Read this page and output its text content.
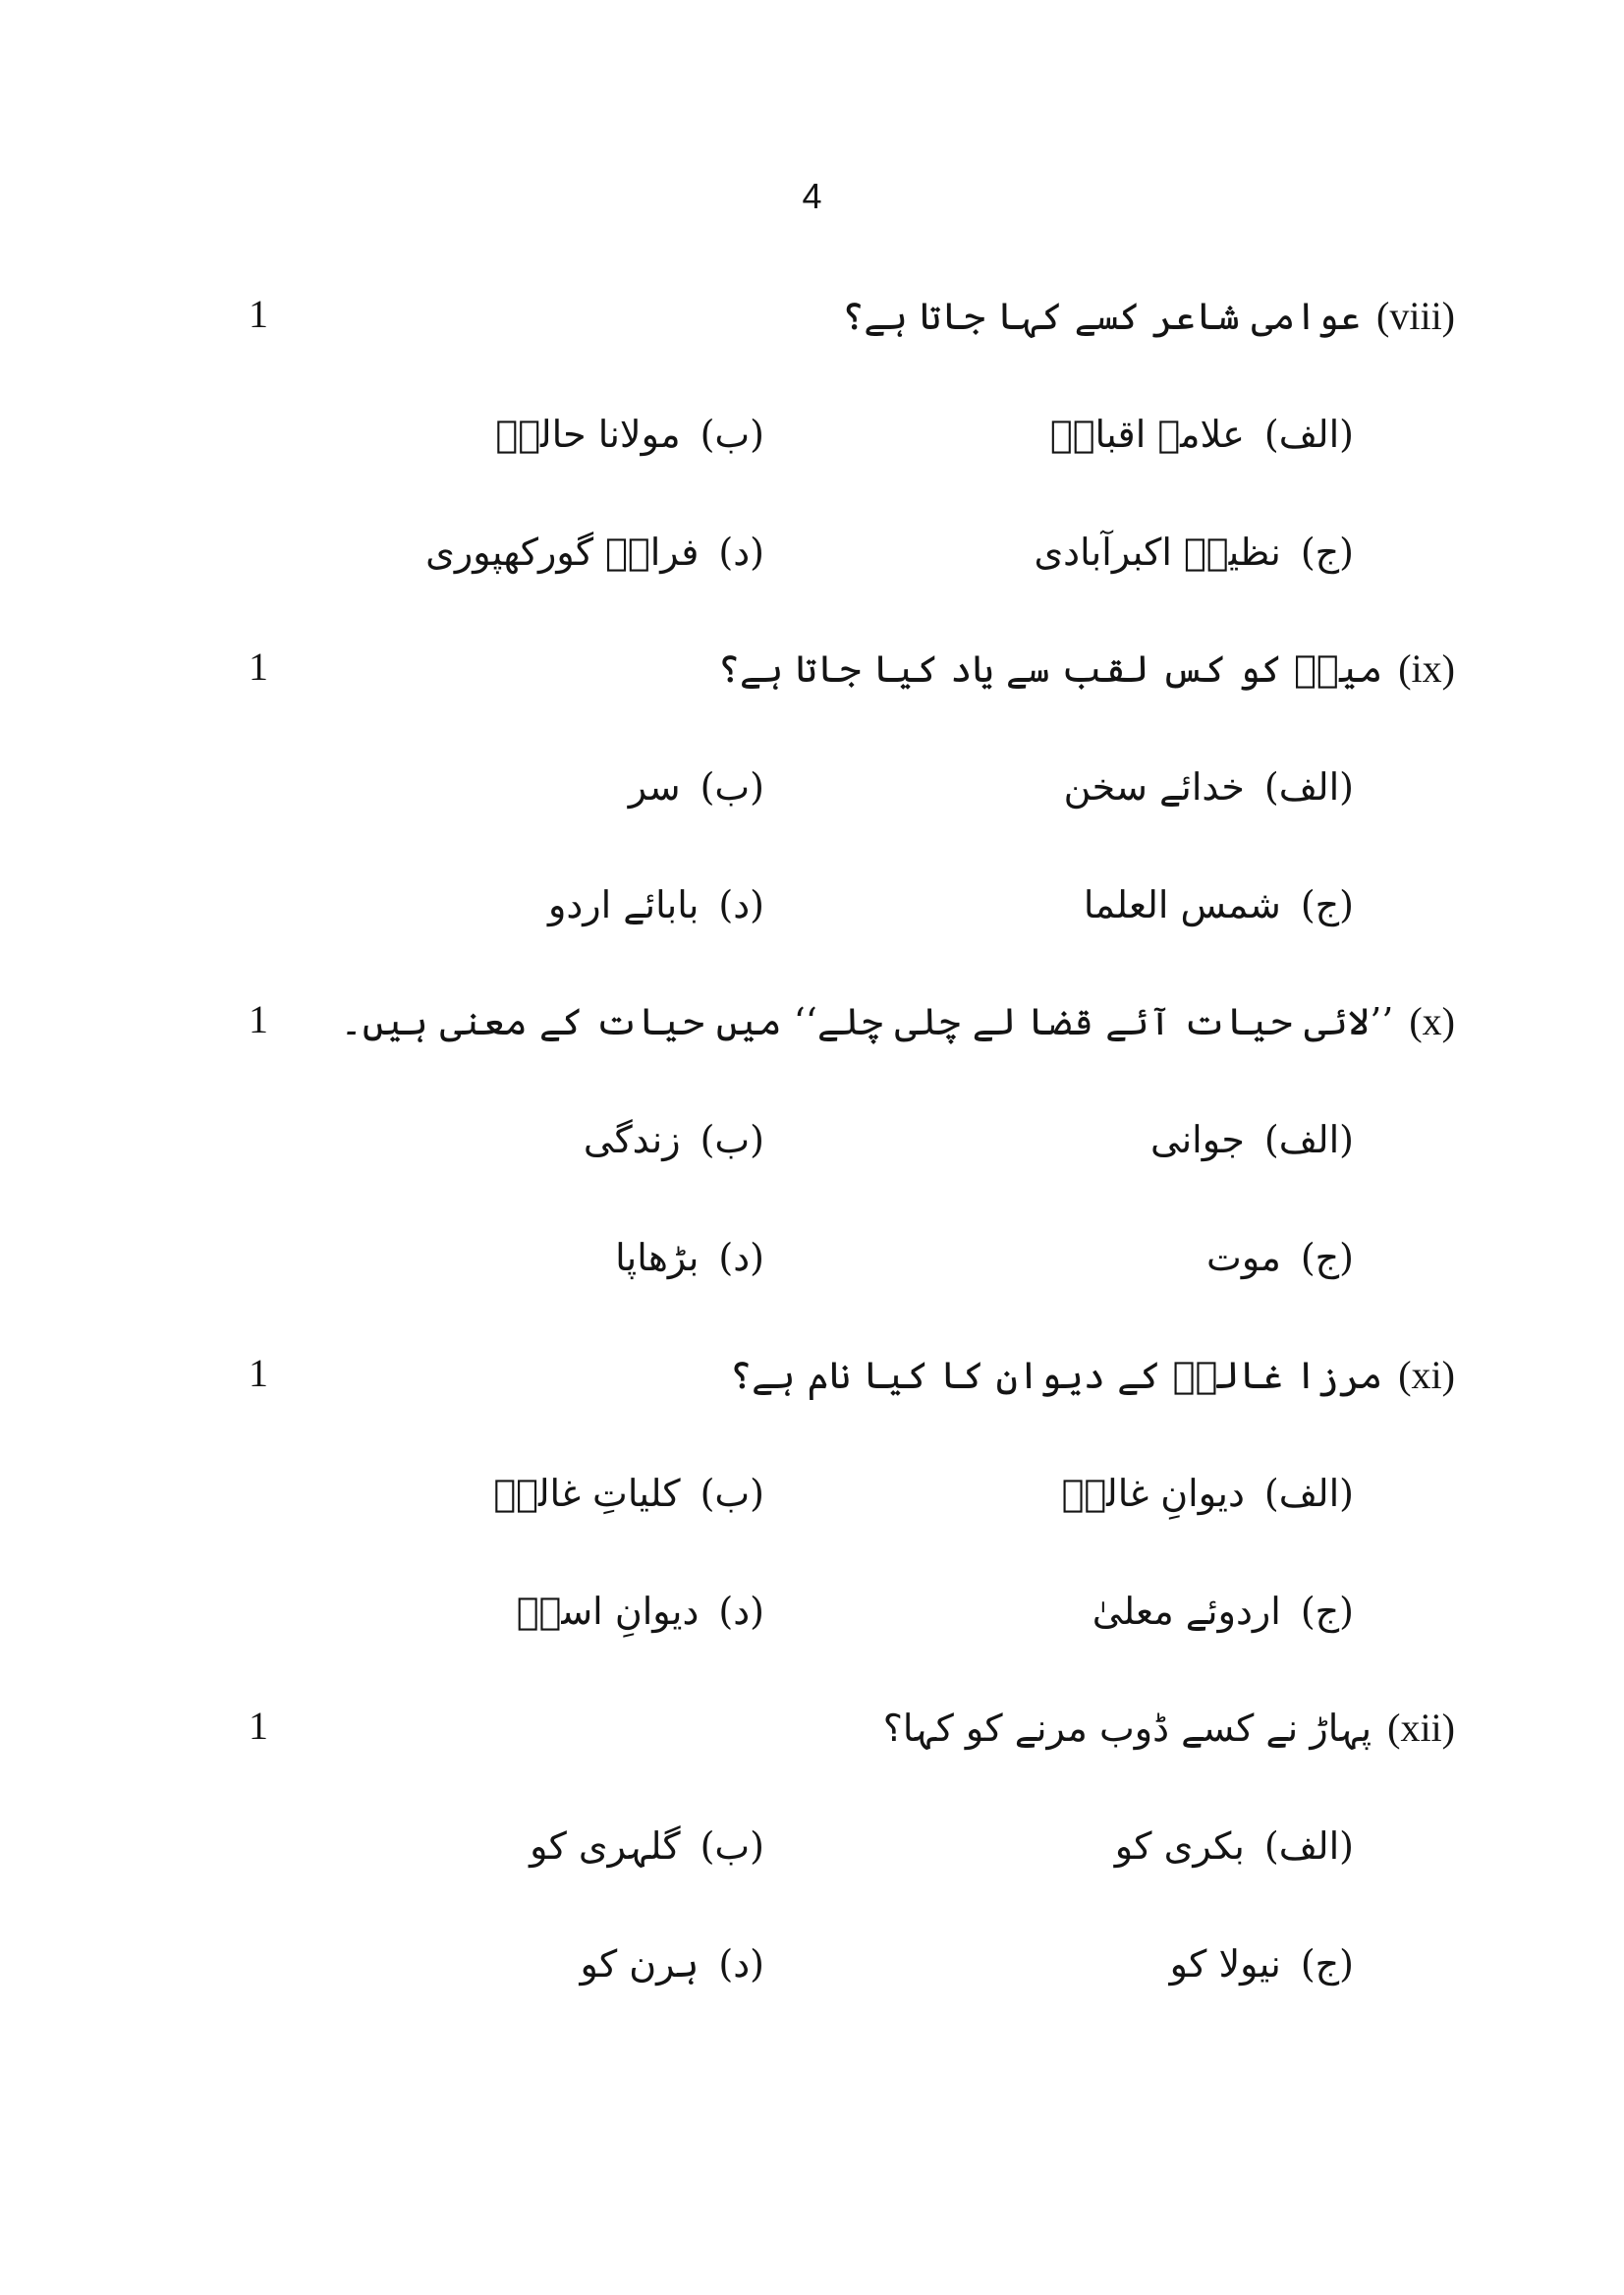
4
1	(viii)عوامی شاعر کسے کہا جاتا ہے؟
(الف)علامہ اقبالؔ
(ب)مولانا حالیؔ
(ج)نظیرؔ اکبرآبادی
(د)فراقؔ گورکھپوری
1	(ix)میرؔ کو کس لقب سے یاد کیا جاتا ہے؟
(الف)خدائے سخن
(ب)سر
(ج)شمس العلما
(د)بابائے اردو
1	(x)’’لائی حیات آئے قضا لے چلی چلے‘‘ میں حیات کے معنی ہیں۔
(الف)جوانی
(ب)زندگی
(ج)موت
(د)بڑھاپا
1	(xi)مرزا غالبؔ کے دیوان کا کیا نام ہے؟
(الف)دیوانِ غالبؔ
(ب)کلیاتِ غالبؔ
(ج)اردوئے معلیٰ
(د)دیوانِ اسدؔ
1	(xii)پہاڑ نے کسے ڈوب مرنے کو کہا؟
(الف)بکری کو
(ب)گلہری کو
(ج)نیولا کو
(د)ہرن کو
